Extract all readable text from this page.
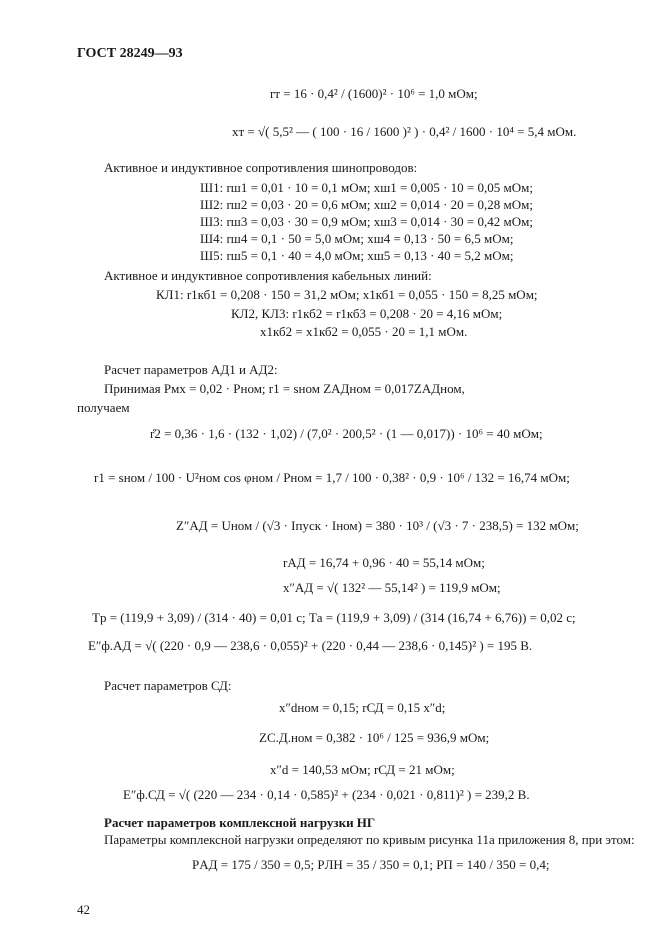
ГОСТ 28249—93
rт = 16 · 0,4² / (1600)² · 10⁶ = 1,0 мОм;
xт = √( 5,5² — ( 100 · 16 / 1600 )² ) · 0,4² / 1600 · 10⁴ = 5,4 мОм.
Активное и индуктивное сопротивления шинопроводов:
Ш1: rш1 = 0,01 · 10 = 0,1 мОм; xш1 = 0,005 · 10 = 0,05 мОм;
Ш2: rш2 = 0,03 · 20 = 0,6 мОм; xш2 = 0,014 · 20 = 0,28 мОм;
Ш3: rш3 = 0,03 · 30 = 0,9 мОм; xш3 = 0,014 · 30 = 0,42 мОм;
Ш4: rш4 = 0,1 · 50 = 5,0 мОм; xш4 = 0,13 · 50 = 6,5 мОм;
Ш5: rш5 = 0,1 · 40 = 4,0 мОм; xш5 = 0,13 · 40 = 5,2 мОм;
Активное и индуктивное сопротивления кабельных линий:
КЛ1: r1кб1 = 0,208 · 150 = 31,2 мОм; x1кб1 = 0,055 · 150 = 8,25 мОм;
КЛ2, КЛ3: r1кб2 = r1кб3 = 0,208 · 20 = 4,16 мОм;
x1кб2 = x1кб2 = 0,055 · 20 = 1,1 мОм.
Расчет параметров АД1 и АД2:
Принимая Pмх = 0,02 · Pном; r1 = sном ZАДном = 0,017ZАДном,
получаем
r̊2 = 0,36 · 1,6 · (132 · 1,02) / (7,0² · 200,5² · (1 — 0,017)) · 10⁶ = 40 мОм;
r1 = sном / 100 · U²ном cos φном / Pном = 1,7 / 100 · 0,38² · 0,9 · 10⁶ / 132 = 16,74 мОм;
Z″АД = Uном / (√3 · Iпуск · Iном) = 380 · 10³ / (√3 · 7 · 238,5) = 132 мОм;
rАД = 16,74 + 0,96 · 40 = 55,14 мОм;
x″АД = √( 132² — 55,14² ) = 119,9 мОм;
Tр = (119,9 + 3,09) / (314 · 40) = 0,01 с; Tа = (119,9 + 3,09) / (314 (16,74 + 6,76)) = 0,02 с;
E″ф.АД = √( (220 · 0,9 — 238,6 · 0,055)² + (220 · 0,44 — 238,6 · 0,145)² ) = 195 В.
Расчет параметров СД:
x″dном = 0,15; rСД = 0,15 x″d;
ZС.Д.ном = 0,382 · 10⁶ / 125 = 936,9 мОм;
x″d = 140,53 мОм; rСД = 21 мОм;
E″ф.СД = √( (220 — 234 · 0,14 · 0,585)² + (234 · 0,021 · 0,811)² ) = 239,2 В.
Расчет параметров комплексной нагрузки НГ
Параметры комплексной нагрузки определяют по кривым рисунка 11а приложения 8, при этом:
PАД = 175 / 350 = 0,5; PЛН = 35 / 350 = 0,1; PП = 140 / 350 = 0,4;
42
